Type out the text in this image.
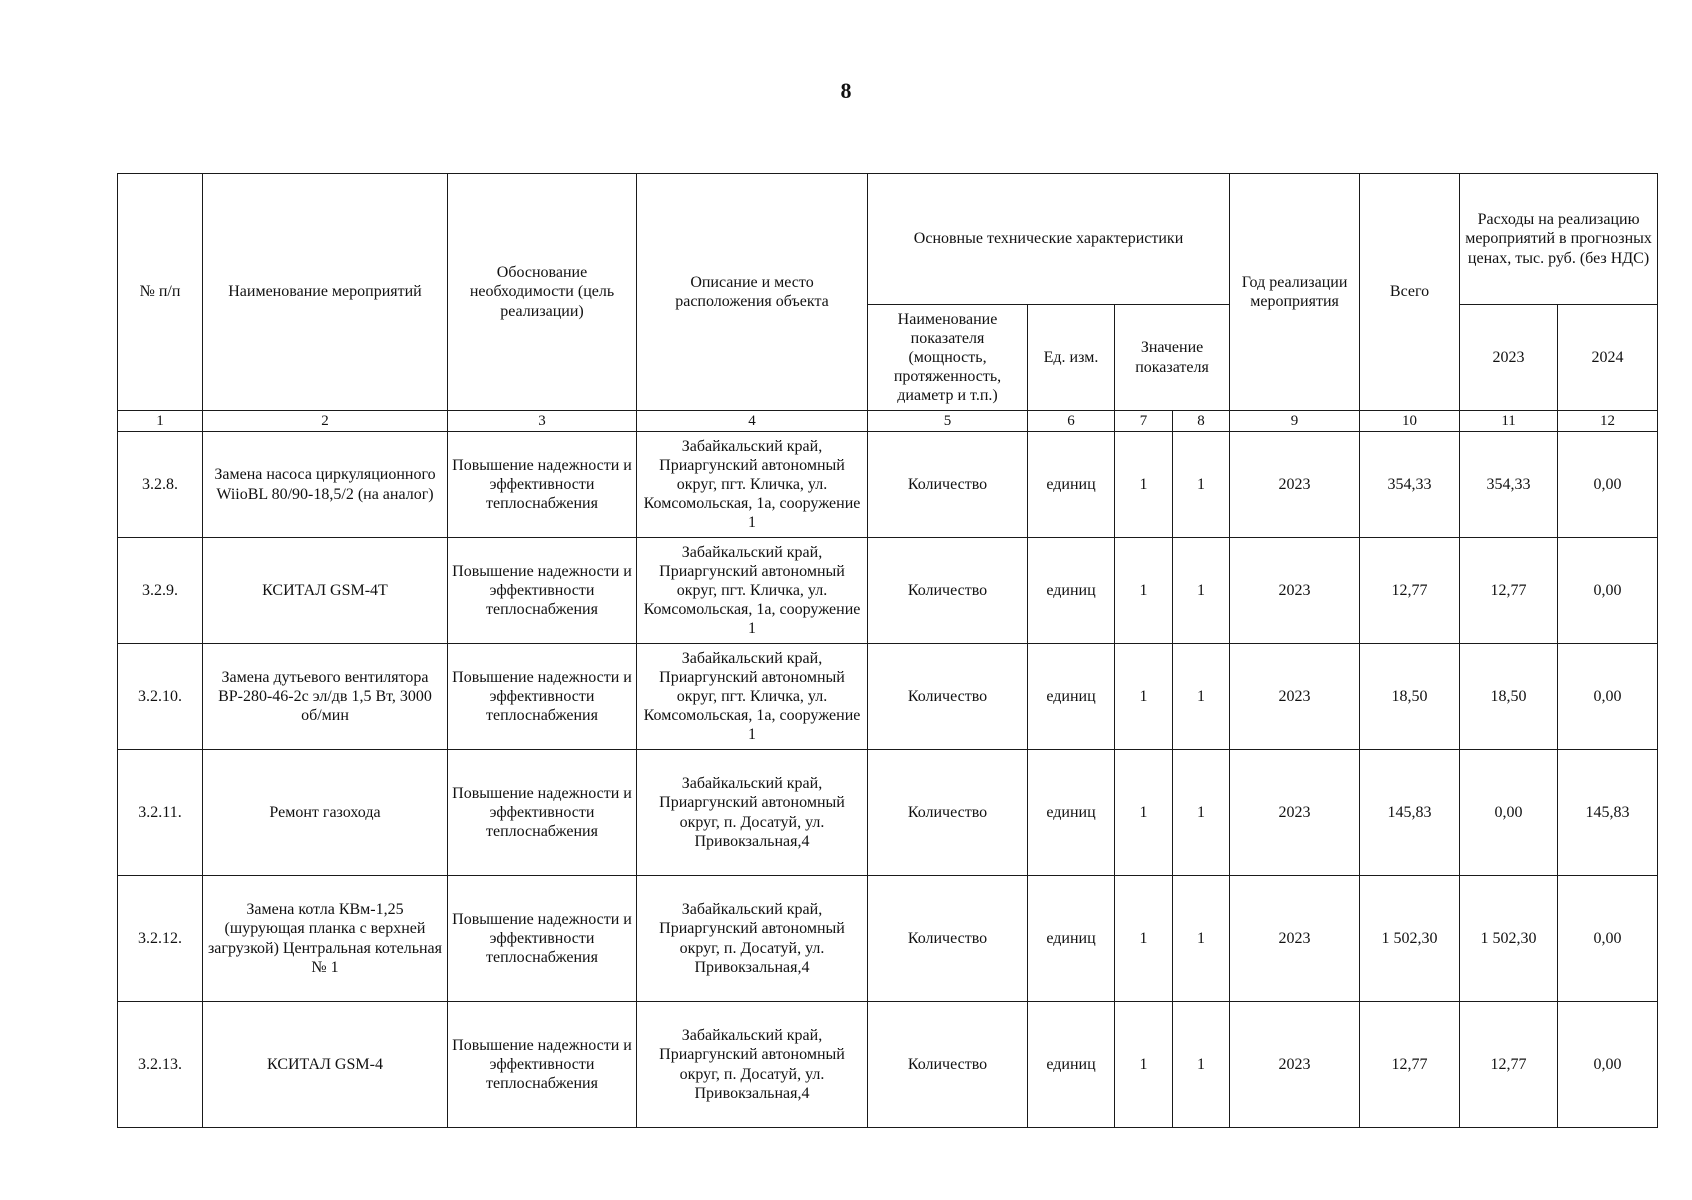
8
№ п/п	Наименование мероприятий	Обоснование необходимости (цель реализации)	Описание и место расположения объекта	Основные технические характеристики				Год реализации мероприятия	Всего	Расходы на реализацию мероприятий в прогнозных ценах, тыс. руб. (без НДС)	
				Наименование показателя (мощность, протяженность, диаметр и т.п.)	Ед. изм.	Значение показателя				2023	2024
1	2	3	4	5	6	7	8	9	10	11	12
3.2.8.	Замена насоса циркуляционного WiioBL 80/90-18,5/2 (на аналог)	Повышение надежности и эффективности теплоснабжения	Забайкальский край, Приаргунский автономный округ, пгт. Кличка, ул. Комсомольская, 1а, сооружение 1	Количество	единиц	1	1	2023	354,33	354,33	0,00
3.2.9.	КСИТАЛ GSM-4T	Повышение надежности и эффективности теплоснабжения	Забайкальский край, Приаргунский автономный округ, пгт. Кличка, ул. Комсомольская, 1а, сооружение 1	Количество	единиц	1	1	2023	12,77	12,77	0,00
3.2.10.	Замена дутьевого вентилятора ВР-280-46-2с эл/дв 1,5 Вт, 3000 об/мин	Повышение надежности и эффективности теплоснабжения	Забайкальский край, Приаргунский автономный округ, пгт. Кличка, ул. Комсомольская, 1а, сооружение 1	Количество	единиц	1	1	2023	18,50	18,50	0,00
3.2.11.	Ремонт газохода	Повышение надежности и эффективности теплоснабжения	Забайкальский край, Приаргунский автономный округ, п. Досатуй, ул. Привокзальная,4	Количество	единиц	1	1	2023	145,83	0,00	145,83
3.2.12.	Замена котла КВм-1,25 (шурующая планка с верхней загрузкой) Центральная котельная № 1	Повышение надежности и эффективности теплоснабжения	Забайкальский край, Приаргунский автономный округ, п. Досатуй, ул. Привокзальная,4	Количество	единиц	1	1	2023	1 502,30	1 502,30	0,00
3.2.13.	КСИТАЛ GSM-4	Повышение надежности и эффективности теплоснабжения	Забайкальский край, Приаргунский автономный округ, п. Досатуй, ул. Привокзальная,4	Количество	единиц	1	1	2023	12,77	12,77	0,00
